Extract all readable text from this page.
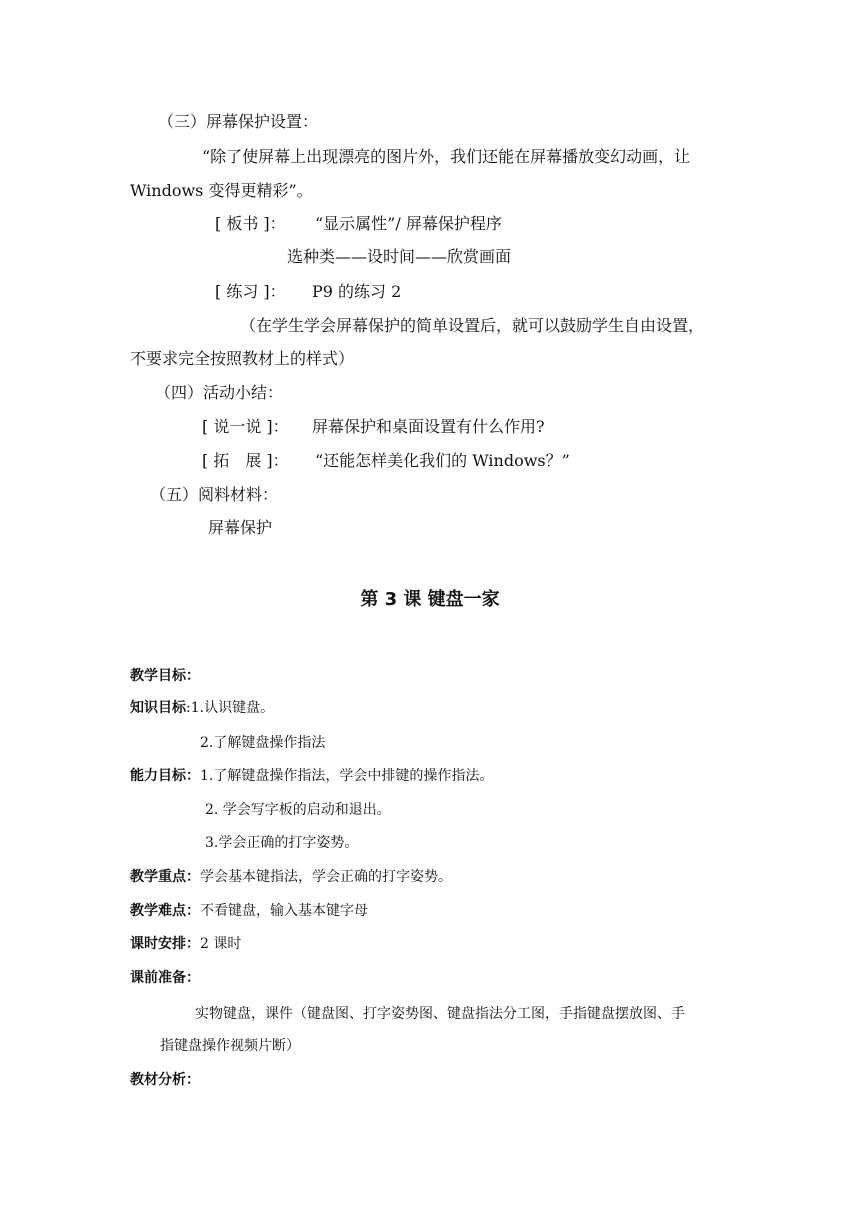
（三）屏幕保护设置：
“除了使屏幕上出现漂亮的图片外，我们还能在屏幕播放变幻动画，让
Windows 变得更精彩”。
[ 板书 ]： “显示属性”/ 屏幕保护程序
选种类——设时间——欣赏画面
[ 练习 ]： P9 的练习 2
（在学生学会屏幕保护的简单设置后，就可以鼓励学生自由设置，
不要求完全按照教材上的样式）
（四）活动小结：
[ 说一说 ]： 屏幕保护和桌面设置有什么作用?
[ 拓　展 ]： “还能怎样美化我们的 Windows？”
（五）阅料材料：
屏幕保护
第 3 课 键盘一家
教学目标：
知识目标:1.认识键盘。
2.了解键盘操作指法
能力目标：1.了解键盘操作指法，学会中排键的操作指法。
2. 学会写字板的启动和退出。
3.学会正确的打字姿势。
教学重点：学会基本键指法，学会正确的打字姿势。
教学难点：不看键盘，输入基本键字母
课时安排：2 课时
课前准备：
实物键盘，课件（键盘图、打字姿势图、键盘指法分工图，手指键盘摆放图、手
指键盘操作视频片断）
教材分析：
